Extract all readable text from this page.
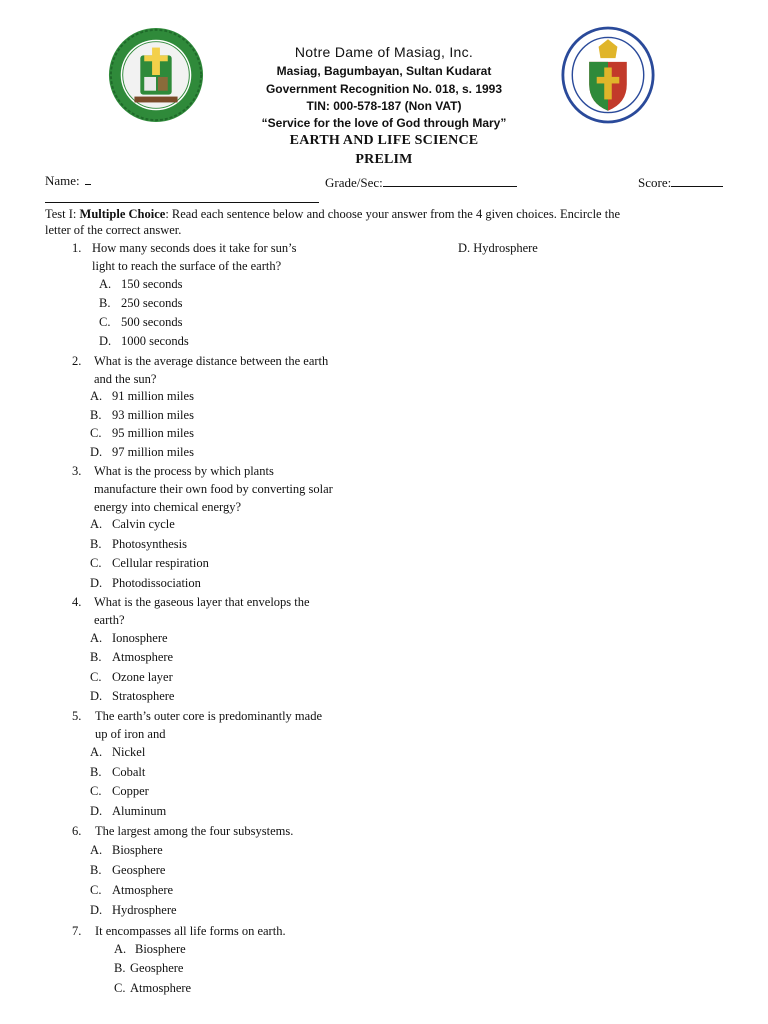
Notre Dame of Masiag, Inc.
Masiag, Bagumbayan, Sultan Kudarat
Government Recognition No. 018, s. 1993
TIN: 000-578-187 (Non VAT)
“Service for the love of God through Mary”
EARTH AND LIFE SCIENCE
PRELIM
Name:	Grade/Sec:	Score:
Test I: Multiple Choice: Read each sentence below and choose your answer from the 4 given choices. Encircle the
letter of the correct answer.
1. How many seconds does it take for sun’s
light to reach the surface of the earth?
A. 150 seconds
B. 250 seconds
C. 500 seconds
D. 1000 seconds
2. What is the average distance between the earth
and the sun?
A. 91 million miles
B. 93 million miles
C. 95 million miles
D. 97 million miles
3. What is the process by which plants
manufacture their own food by converting solar
energy into chemical energy?
A. Calvin cycle
B. Photosynthesis
C. Cellular respiration
D. Photodissociation
4. What is the gaseous layer that envelops the
earth?
A. Ionosphere
B. Atmosphere
C. Ozone layer
D. Stratosphere
5. The earth’s outer core is predominantly made
up of iron and
A. Nickel
B. Cobalt
C. Copper
D. Aluminum
6. The largest among the four subsystems.
A. Biosphere
B. Geosphere
C. Atmosphere
D. Hydrosphere
7. It encompasses all life forms on earth.
A. Biosphere
B. Geosphere
C. Atmosphere
D. Hydrosphere
